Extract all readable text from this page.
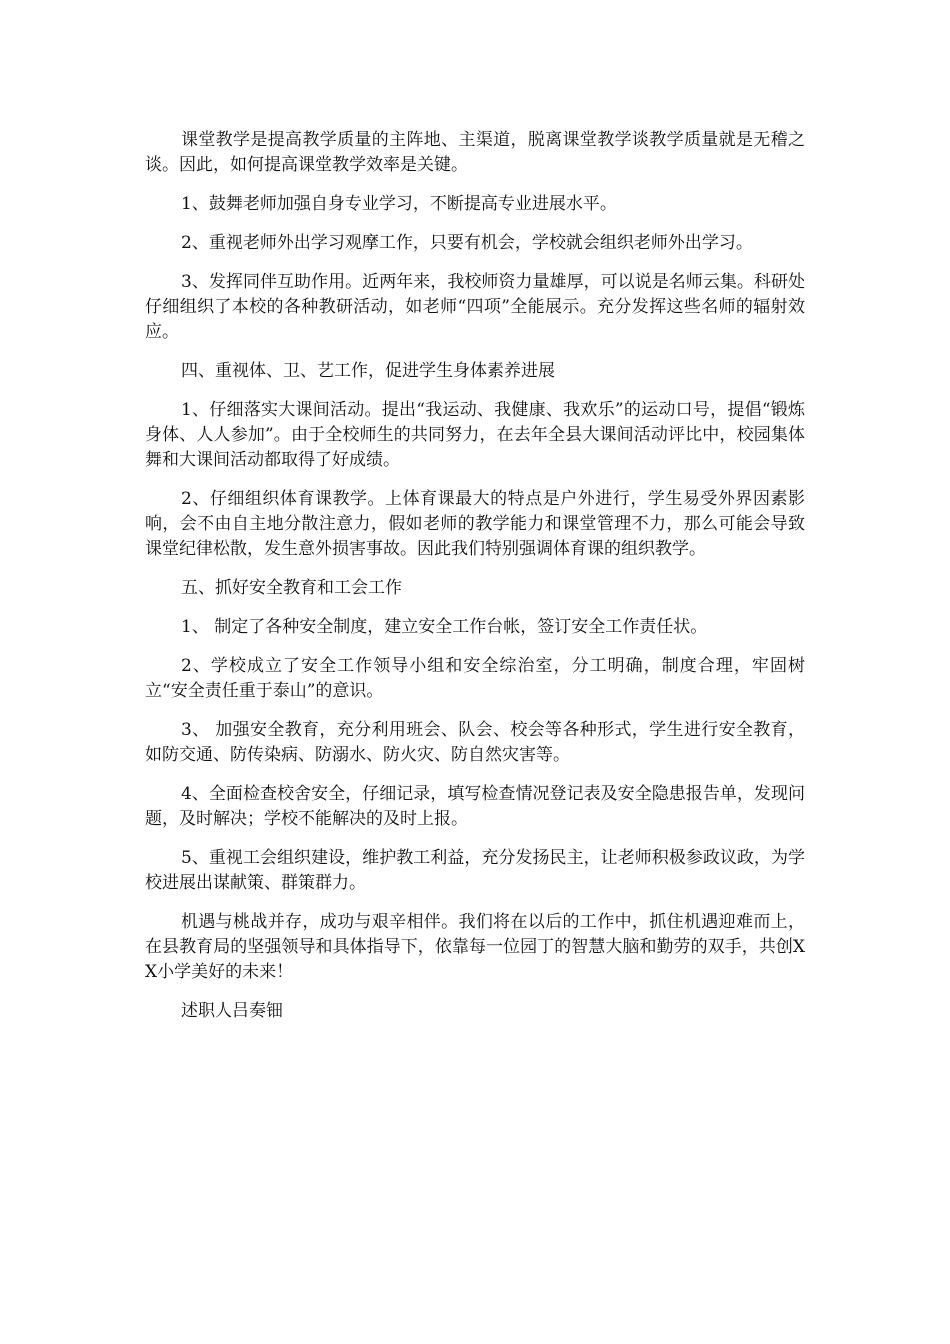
课堂教学是提高教学质量的主阵地、主渠道，脱离课堂教学谈教学质量就是无稽之谈。因此，如何提高课堂教学效率是关键。

1、鼓舞老师加强自身专业学习，不断提高专业进展水平。

2、重视老师外出学习观摩工作，只要有机会，学校就会组织老师外出学习。

3、发挥同伴互助作用。近两年来，我校师资力量雄厚，可以说是名师云集。科研处仔细组织了本校的各种教研活动，如老师“四项”全能展示。充分发挥这些名师的辐射效应。

四、重视体、卫、艺工作，促进学生身体素养进展

1、仔细落实大课间活动。提出“我运动、我健康、我欢乐”的运动口号，提倡“锻炼身体、人人参加”。由于全校师生的共同努力，在去年全县大课间活动评比中，校园集体舞和大课间活动都取得了好成绩。

2、仔细组织体育课教学。上体育课最大的特点是户外进行，学生易受外界因素影响，会不由自主地分散注意力，假如老师的教学能力和课堂管理不力，那么可能会导致课堂纪律松散，发生意外损害事故。因此我们特别强调体育课的组织教学。

五、抓好安全教育和工会工作

1、 制定了各种安全制度，建立安全工作台帐，签订安全工作责任状。

2、学校成立了安全工作领导小组和安全综治室，分工明确，制度合理，牢固树立“安全责任重于泰山”的意识。

3、 加强安全教育，充分利用班会、队会、校会等各种形式，学生进行安全教育，如防交通、防传染病、防溺水、防火灾、防自然灾害等。

4、全面检查校舍安全，仔细记录，填写检查情况登记表及安全隐患报告单，发现问题，及时解决；学校不能解决的及时上报。

5、重视工会组织建设，维护教工利益，充分发扬民主，让老师积极参政议政，为学校进展出谋献策、群策群力。

机遇与桃战并存，成功与艰辛相伴。我们将在以后的工作中，抓住机遇迎难而上，在县教育局的坚强领导和具体指导下，依靠每一位园丁的智慧大脑和勤劳的双手，共创XX小学美好的未来！

述职人吕奏钿
